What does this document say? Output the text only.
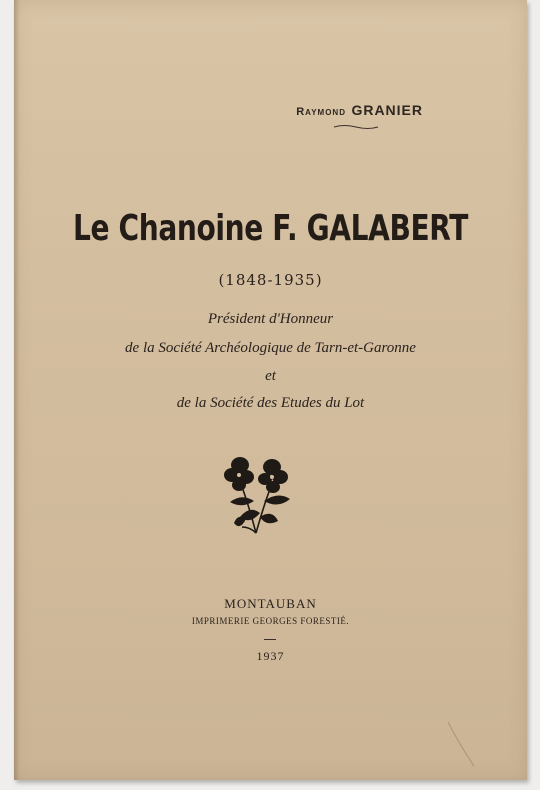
Raymond GRANIER
Le Chanoine F. GALABERT
(1848-1935)
Président d'Honneur
de la Société Archéologique de Tarn-et-Garonne
et
de la Société des Etudes du Lot
MONTAUBAN
IMPRIMERIE GEORGES FORESTIÉ.
1937
